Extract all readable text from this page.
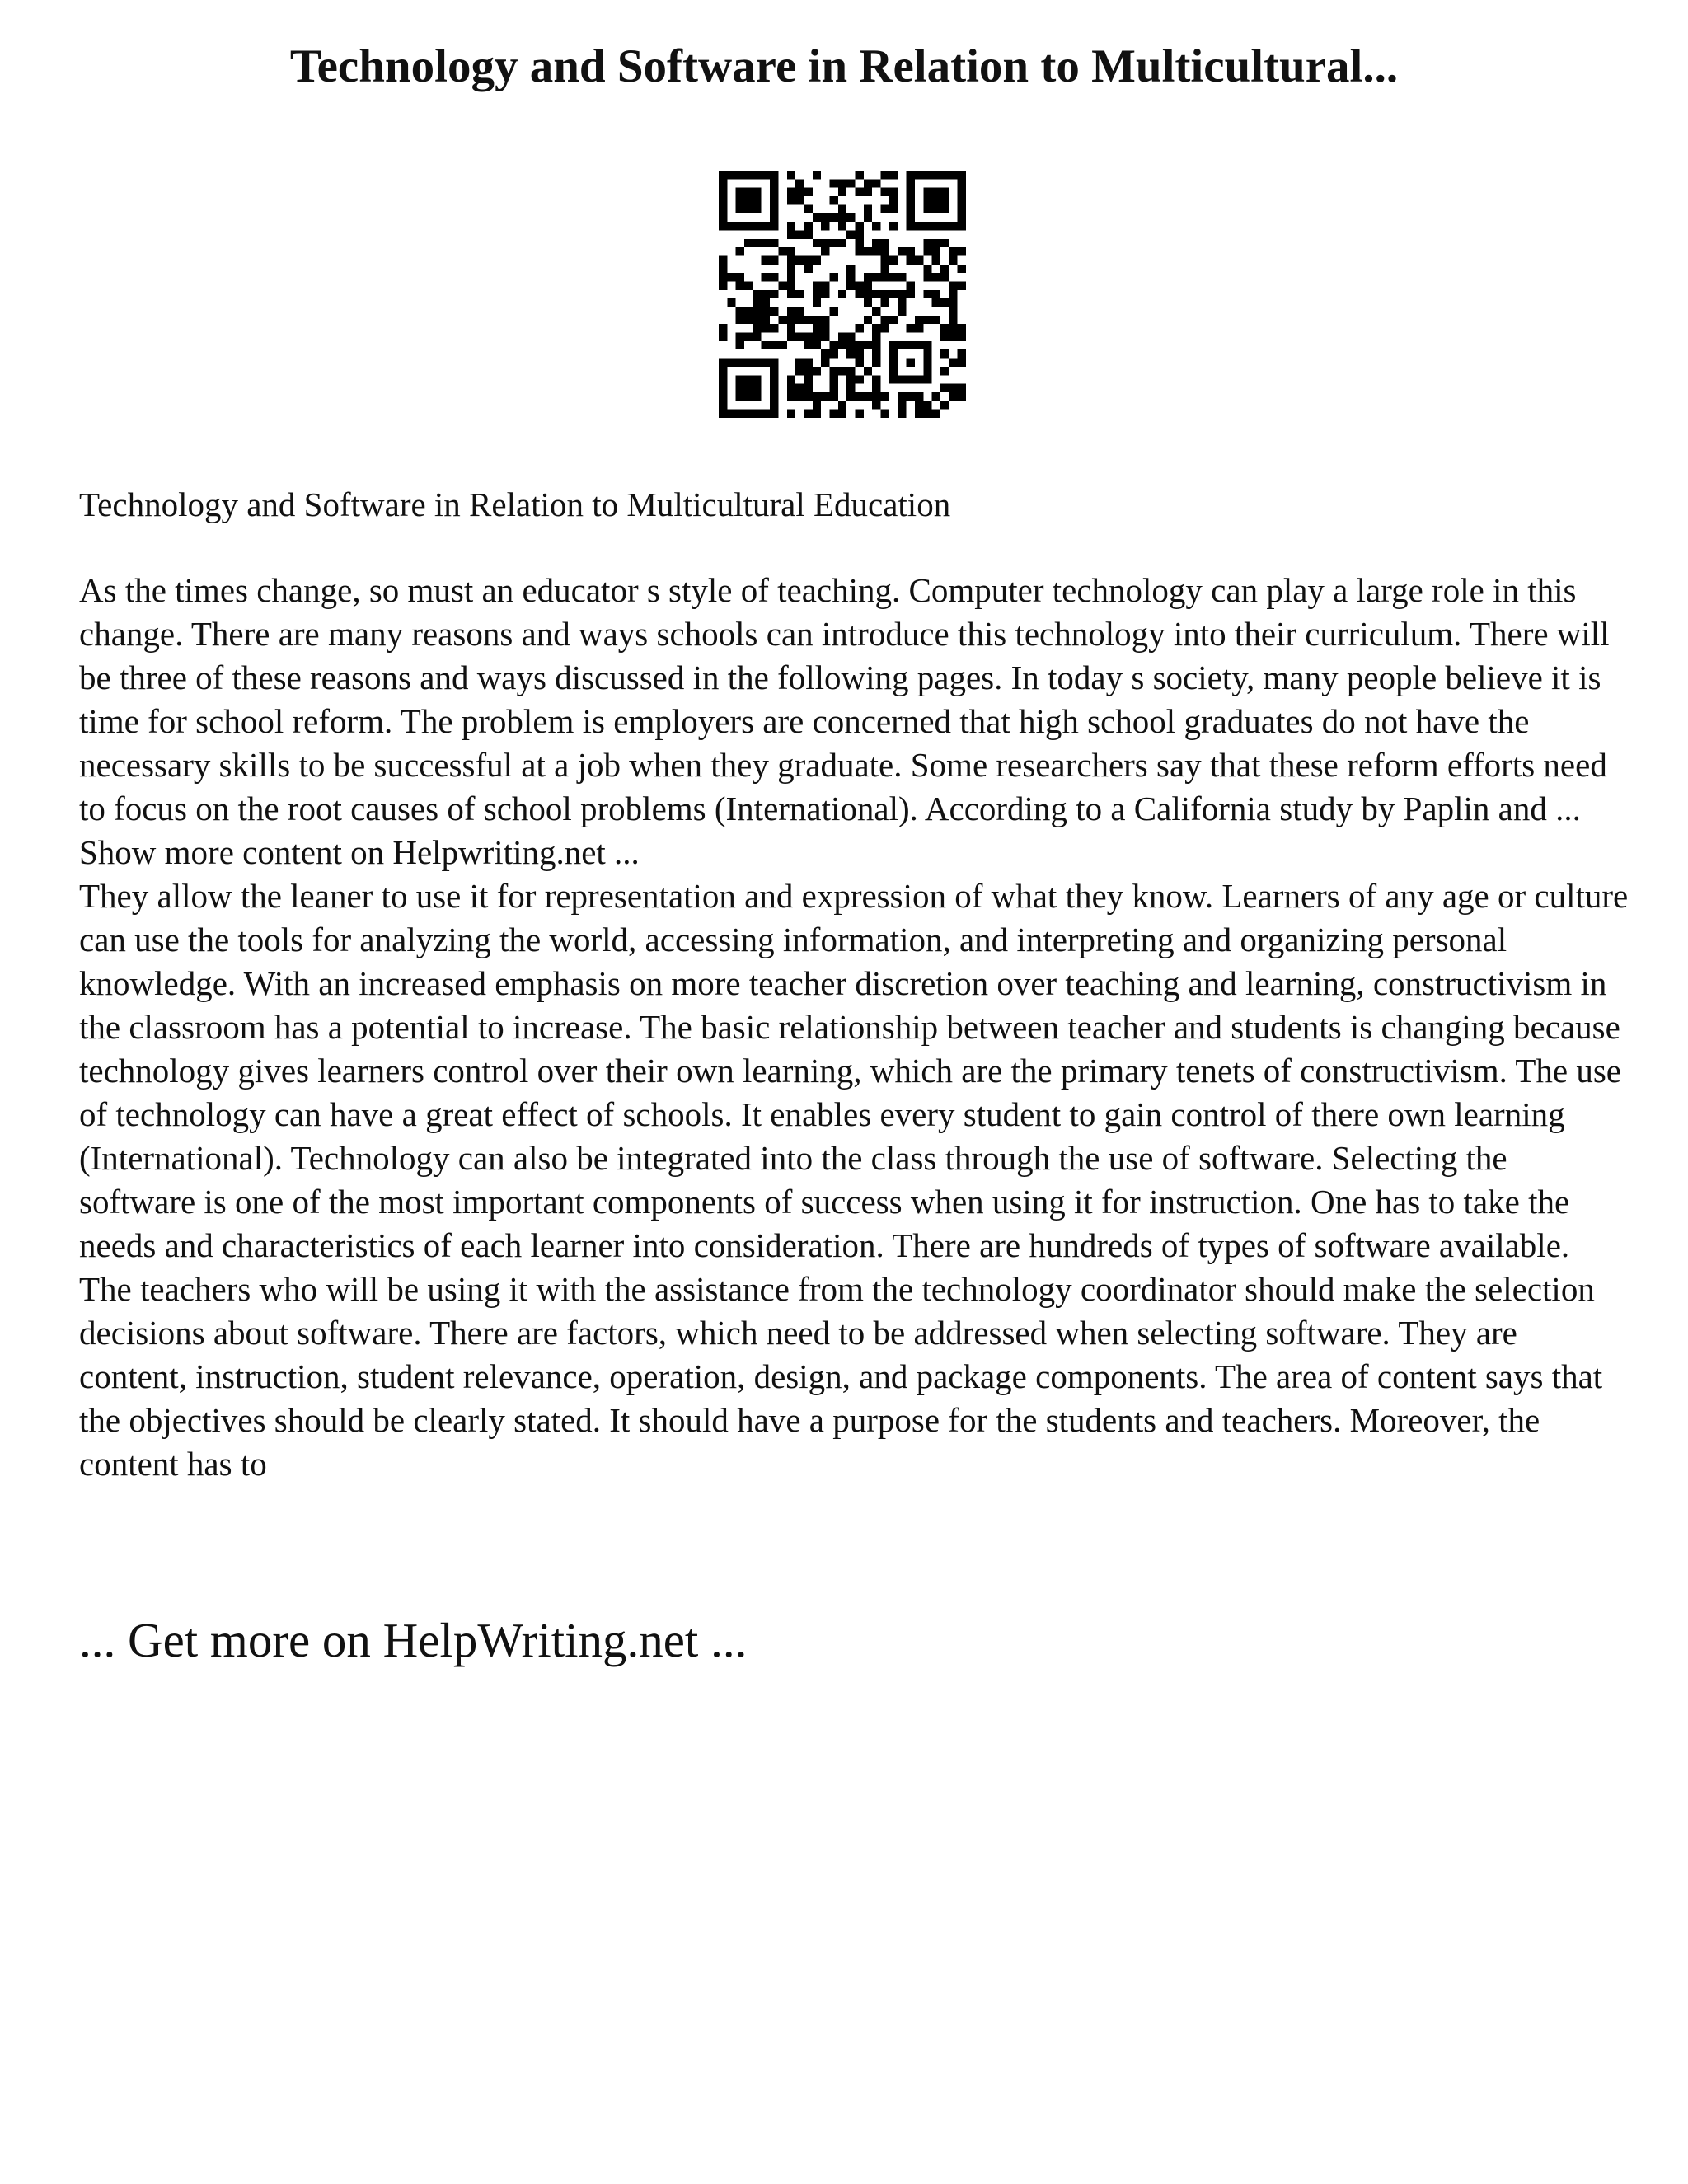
Technology and Software in Relation to Multicultural...

Technology and Software in Relation to Multicultural Education

As the times change, so must an educator s style of teaching. Computer technology can play a large role in this change. There are many reasons and ways schools can introduce this technology into their curriculum. There will be three of these reasons and ways discussed in the following pages. In today s society, many people believe it is time for school reform. The problem is employers are concerned that high school graduates do not have the necessary skills to be successful at a job when they graduate. Some researchers say that these reform efforts need to focus on the root causes of school problems (International). According to a California study by Paplin and ... Show more content on Helpwriting.net ...

They allow the leaner to use it for representation and expression of what they know. Learners of any age or culture can use the tools for analyzing the world, accessing information, and interpreting and organizing personal knowledge. With an increased emphasis on more teacher discretion over teaching and learning, constructivism in the classroom has a potential to increase. The basic relationship between teacher and students is changing because technology gives learners control over their own learning, which are the primary tenets of constructivism. The use of technology can have a great effect of schools. It enables every student to gain control of there own learning (International). Technology can also be integrated into the class through the use of software. Selecting the software is one of the most important components of success when using it for instruction. One has to take the needs and characteristics of each learner into consideration. There are hundreds of types of software available. The teachers who will be using it with the assistance from the technology coordinator should make the selection decisions about software. There are factors, which need to be addressed when selecting software. They are content, instruction, student relevance, operation, design, and package components. The area of content says that the objectives should be clearly stated. It should have a purpose for the students and teachers. Moreover, the content has to

... Get more on HelpWriting.net ...
